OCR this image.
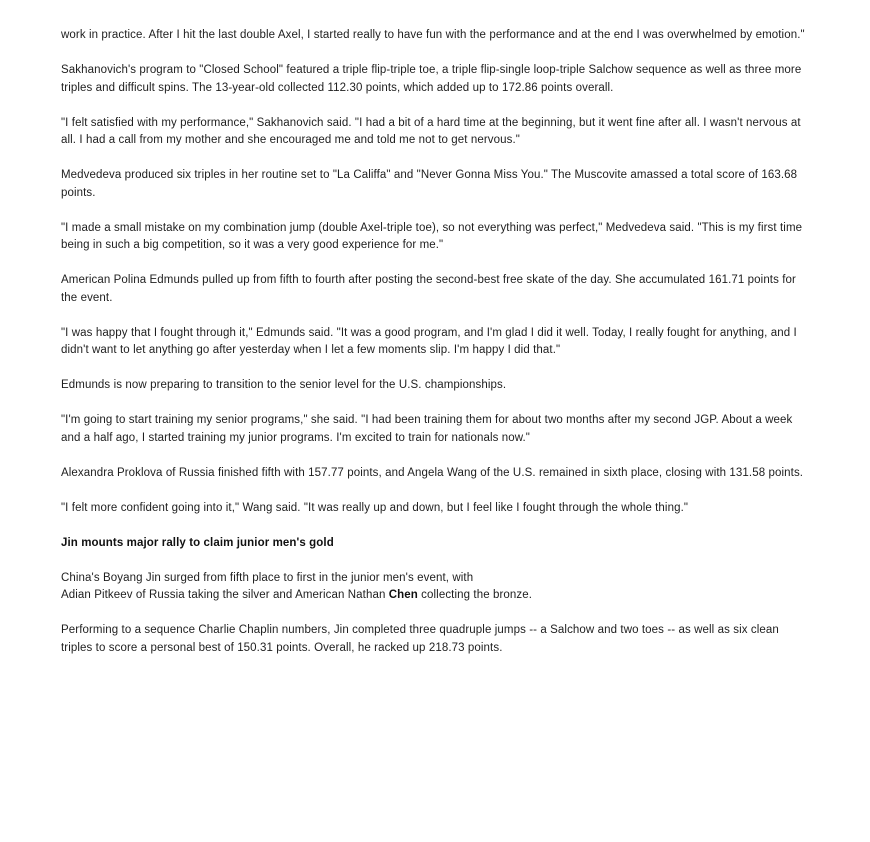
work in practice. After I hit the last double Axel, I started really to have fun with the performance and at the end I was overwhelmed by emotion."

Sakhanovich's program to "Closed School" featured a triple flip-triple toe, a triple flip-single loop-triple Salchow sequence as well as three more triples and difficult spins. The 13-year-old collected 112.30 points, which added up to 172.86 points overall.

"I felt satisfied with my performance," Sakhanovich said. "I had a bit of a hard time at the beginning, but it went fine after all. I wasn't nervous at all. I had a call from my mother and she encouraged me and told me not to get nervous."

Medvedeva produced six triples in her routine set to "La Califfa" and "Never Gonna Miss You." The Muscovite amassed a total score of 163.68 points.

"I made a small mistake on my combination jump (double Axel-triple toe), so not everything was perfect," Medvedeva said. "This is my first time being in such a big competition, so it was a very good experience for me."

American Polina Edmunds pulled up from fifth to fourth after posting the second-best free skate of the day. She accumulated 161.71 points for the event.

"I was happy that I fought through it," Edmunds said. "It was a good program, and I'm glad I did it well. Today, I really fought for anything, and I didn't want to let anything go after yesterday when I let a few moments slip. I'm happy I did that."

Edmunds is now preparing to transition to the senior level for the U.S. championships.

"I'm going to start training my senior programs," she said. "I had been training them for about two months after my second JGP. About a week and a half ago, I started training my junior programs. I'm excited to train for nationals now."

Alexandra Proklova of Russia finished fifth with 157.77 points, and Angela Wang of the U.S. remained in sixth place, closing with 131.58 points.

"I felt more confident going into it," Wang said. "It was really up and down, but I feel like I fought through the whole thing."

Jin mounts major rally to claim junior men's gold

China's Boyang Jin surged from fifth place to first in the junior men's event, with
Adian Pitkeev of Russia taking the silver and American Nathan Chen collecting the bronze.

Performing to a sequence Charlie Chaplin numbers, Jin completed three quadruple jumps -- a Salchow and two toes -- as well as six clean triples to score a personal best of 150.31 points. Overall, he racked up 218.73 points.
